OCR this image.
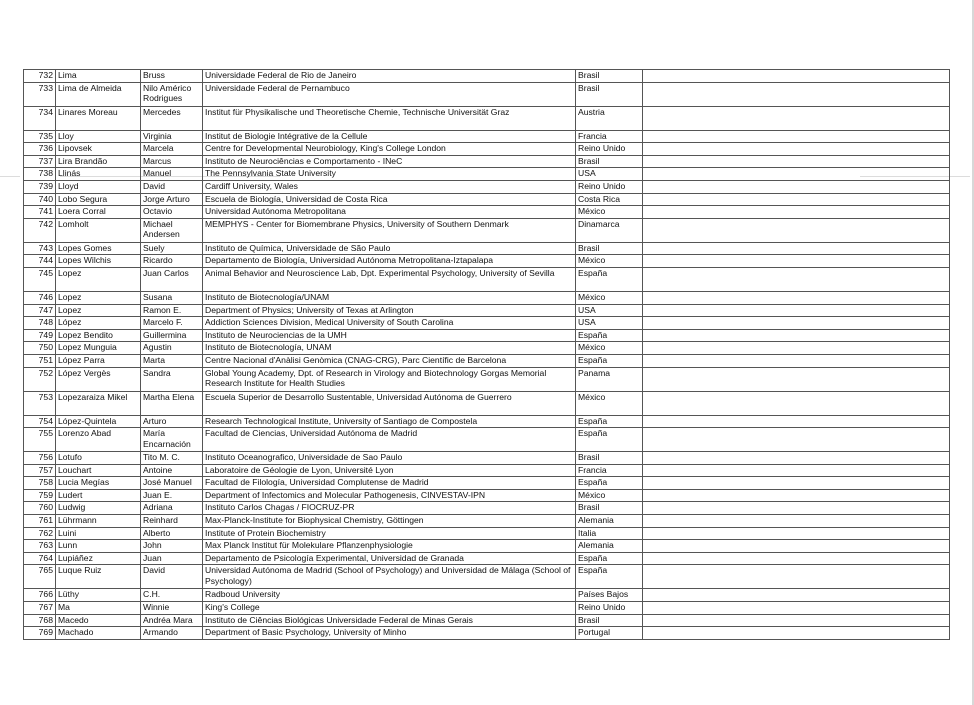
732	Lima	Bruss	Universidade Federal de Rio de Janeiro	Brasil	
733	Lima de Almeida	Nilo Américo Rodrigues	Universidade Federal de Pernambuco	Brasil	
734	Linares Moreau	Mercedes	Institut für Physikalische und Theoretische Chemie, Technische Universität Graz	Austria	
735	Lloy	Virginia	Institut de Biologie Intégrative de la Cellule	Francia	
736	Lipovsek	Marcela	Centre for Developmental Neurobiology, King's College London	Reino Unido	
737	Lira Brandão	Marcus	Instituto de Neurociências e Comportamento - INeC	Brasil	
738	Llinás	Manuel	The Pennsylvania State University	USA	
739	Lloyd	David	Cardiff University, Wales	Reino Unido	
740	Lobo Segura	Jorge Arturo	Escuela de Biología, Universidad de Costa Rica	Costa Rica	
741	Loera Corral	Octavio	Universidad Autónoma Metropolitana	México	
742	Lomholt	Michael Andersen	MEMPHYS - Center for Biomembrane Physics, University of Southern Denmark	Dinamarca	
743	Lopes Gomes	Suely	Instituto de Química, Universidade de São Paulo	Brasil	
744	Lopes Wilchis	Ricardo	Departamento de Biología, Universidad Autónoma Metropolitana-Iztapalapa	México	
745	Lopez	Juan Carlos	Animal Behavior and Neuroscience Lab, Dpt. Experimental Psychology, University of Sevilla	España	
746	Lopez	Susana	Instituto de Biotecnología/UNAM	México	
747	Lopez	Ramon E.	Department of Physics; University of Texas at Arlington	USA	
748	López	Marcelo F.	Addiction Sciences Division, Medical University of South Carolina	USA	
749	Lopez Bendito	Guillermina	Instituto de Neurociencias de la UMH	España	
750	Lopez Munguia	Agustin	Instituto de Biotecnología, UNAM	México	
751	López Parra	Marta	Centre Nacional d'Anàlisi Genòmica (CNAG-CRG), Parc Científic de Barcelona	España	
752	López Vergès	Sandra	Global Young Academy, Dpt. of Research in Virology and Biotechnology Gorgas Memorial Research Institute for Health Studies	Panama	
753	Lopezaraiza Mikel	Martha Elena	Escuela Superior de Desarrollo Sustentable, Universidad Autónoma de Guerrero	México	
754	López-Quintela	Arturo	Research Technological Institute, University of Santiago de Compostela	España	
755	Lorenzo Abad	María Encarnación	Facultad de Ciencias, Universidad Autónoma de Madrid	España	
756	Lotufo	Tito M. C.	Instituto Oceanografico, Universidade de Sao Paulo	Brasil	
757	Louchart	Antoine	Laboratoire de Géologie de Lyon, Université Lyon	Francia	
758	Lucia Megías	José Manuel	Facultad de Filología, Universidad Complutense de Madrid	España	
759	Ludert	Juan E.	Department of Infectomics and Molecular Pathogenesis, CINVESTAV-IPN	México	
760	Ludwig	Adriana	Instituto Carlos Chagas / FIOCRUZ-PR	Brasil	
761	Lührmann	Reinhard	Max-Planck-Institute for Biophysical Chemistry, Göttingen	Alemania	
762	Luini	Alberto	Institute of Protein Biochemistry	Italia	
763	Lunn	John	Max Planck Institut für Molekulare Pflanzenphysiologie	Alemania	
764	Lupiáñez	Juan	Departamento de Psicología Experimental, Universidad de Granada	España	
765	Luque Ruiz	David	Universidad Autónoma de Madrid (School of Psychology) and Universidad de Málaga (School of Psychology)	España	
766	Lüthy	C.H.	Radboud University	Países Bajos	
767	Ma	Winnie	King's College	Reino Unido	
768	Macedo	Andréa Mara	Instituto de Ciências Biológicas Universidade Federal de Minas Gerais	Brasil	
769	Machado	Armando	Department of Basic Psychology, University of Minho	Portugal	
